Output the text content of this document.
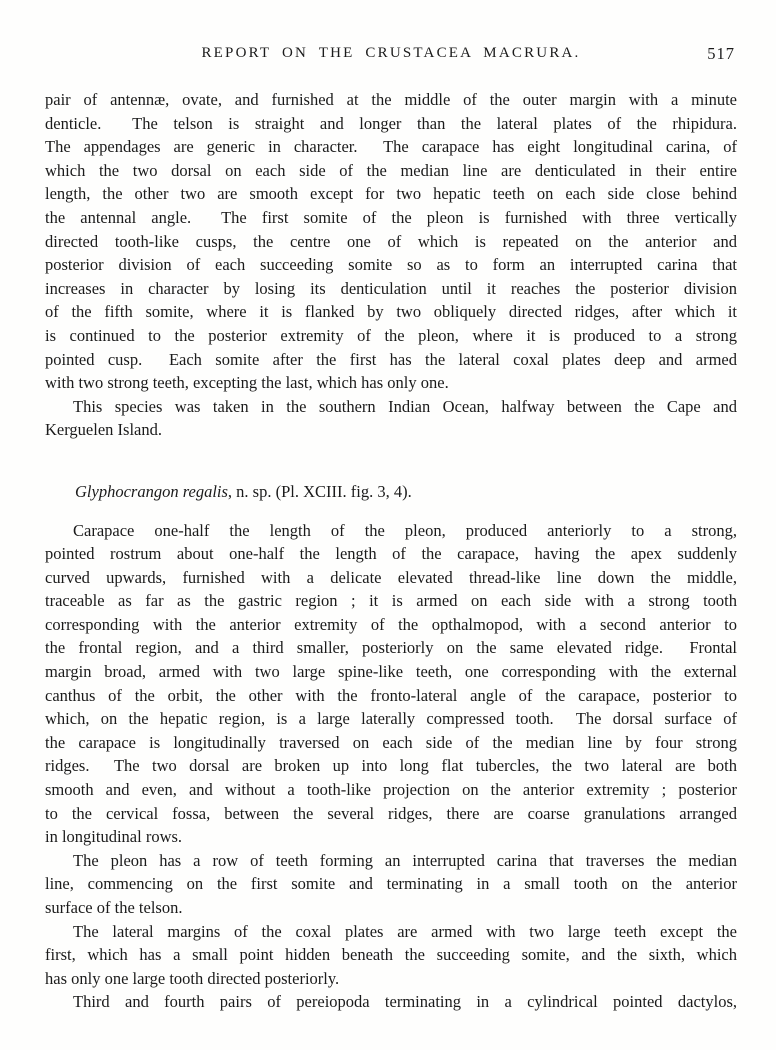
REPORT ON THE CRUSTACEA MACRURA.	517
pair of antennæ, ovate, and furnished at the middle of the outer margin with a minute
denticle.  The telson is straight and longer than the lateral plates of the rhipidura.
The appendages are generic in character.  The carapace has eight longitudinal carina, of
which the two dorsal on each side of the median line are denticulated in their entire
length, the other two are smooth except for two hepatic teeth on each side close behind
the antennal angle.  The first somite of the pleon is furnished with three vertically
directed tooth-like cusps, the centre one of which is repeated on the anterior and
posterior division of each succeeding somite so as to form an interrupted carina that
increases in character by losing its denticulation until it reaches the posterior division
of the fifth somite, where it is flanked by two obliquely directed ridges, after which it
is continued to the posterior extremity of the pleon, where it is produced to a strong
pointed cusp.  Each somite after the first has the lateral coxal plates deep and armed
with two strong teeth, excepting the last, which has only one.
This species was taken in the southern Indian Ocean, halfway between the Cape and
Kerguelen Island.
Glyphocrangon regalis, n. sp. (Pl. XCIII. fig. 3, 4).
Carapace one-half the length of the pleon, produced anteriorly to a strong,
pointed rostrum about one-half the length of the carapace, having the apex suddenly
curved upwards, furnished with a delicate elevated thread-like line down the middle,
traceable as far as the gastric region ; it is armed on each side with a strong tooth
corresponding with the anterior extremity of the opthalmopod, with a second anterior to
the frontal region, and a third smaller, posteriorly on the same elevated ridge.  Frontal
margin broad, armed with two large spine-like teeth, one corresponding with the external
canthus of the orbit, the other with the fronto-lateral angle of the carapace, posterior to
which, on the hepatic region, is a large laterally compressed tooth.  The dorsal surface of
the carapace is longitudinally traversed on each side of the median line by four strong
ridges.  The two dorsal are broken up into long flat tubercles, the two lateral are both
smooth and even, and without a tooth-like projection on the anterior extremity ; posterior
to the cervical fossa, between the several ridges, there are coarse granulations arranged
in longitudinal rows.
The pleon has a row of teeth forming an interrupted carina that traverses the median
line, commencing on the first somite and terminating in a small tooth on the anterior
surface of the telson.
The lateral margins of the coxal plates are armed with two large teeth except the
first, which has a small point hidden beneath the succeeding somite, and the sixth, which
has only one large tooth directed posteriorly.
Third and fourth pairs of pereiopoda terminating in a cylindrical pointed dactylos,
